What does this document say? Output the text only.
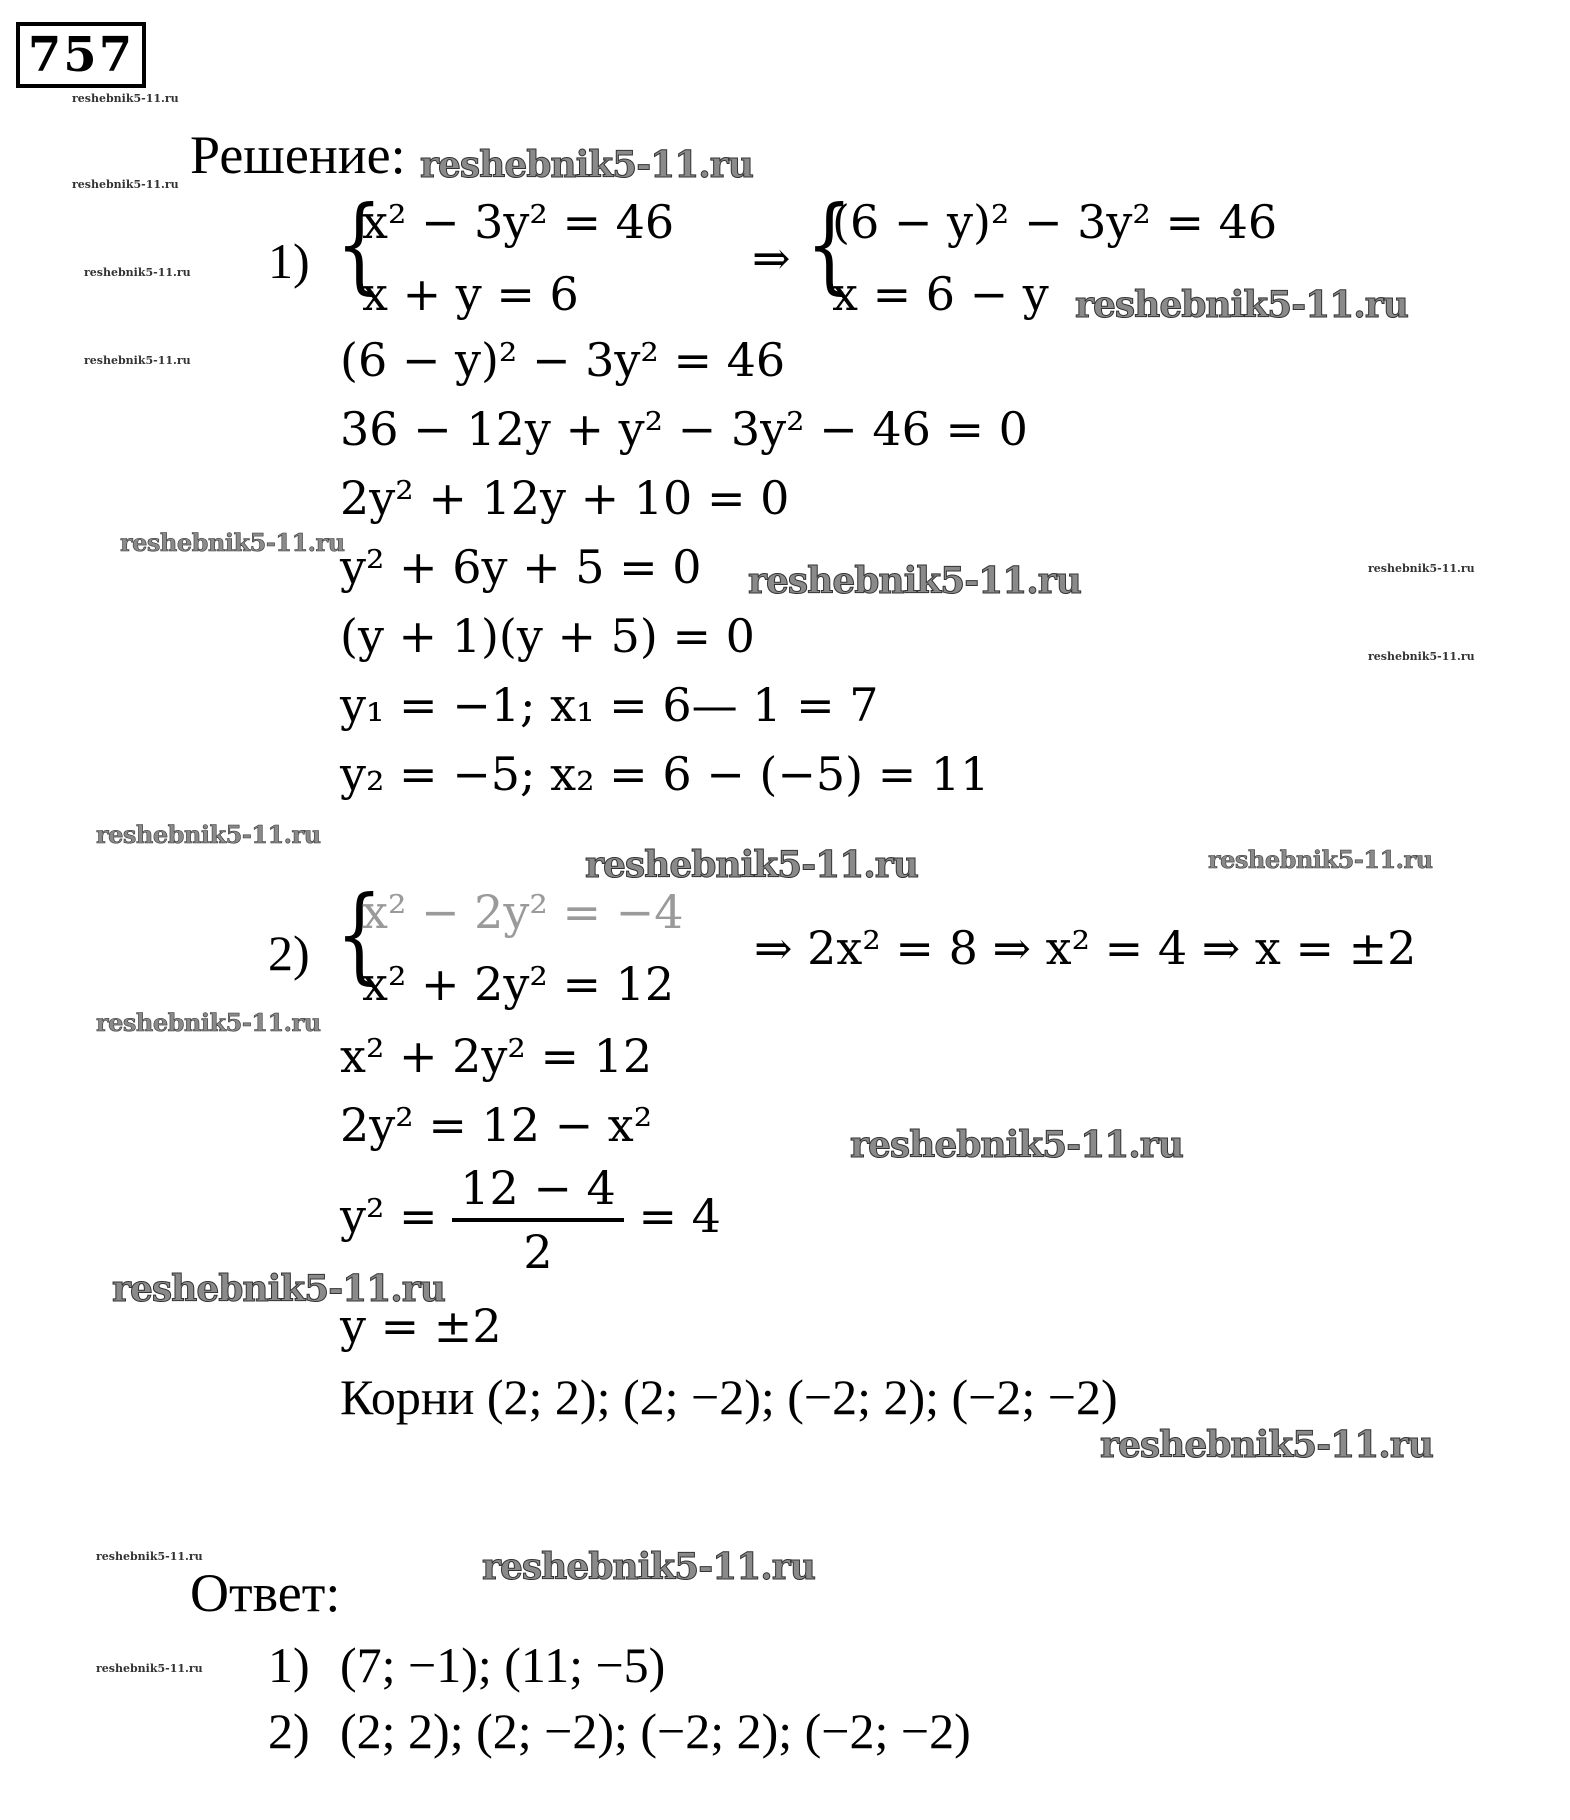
757
reshebnik5-11.ru
Решение: reshebnik5-11.ru
reshebnik5-11.ru
1) {
x² − 3y² = 46
x + y = 6
⇒ {
(6 − y)² − 3y² = 46
x = 6 − y reshebnik5-11.ru
reshebnik5-11.ru
reshebnik5-11.ru	(6 − y)² − 3y² = 46
36 − 12y + y² − 3y² − 46 = 0
2y² + 12y + 10 = 0
reshebnik5-11.ru
y² + 6y + 5 = 0 reshebnik5-11.ru	reshebnik5-11.ru
(y + 1)(y + 5) = 0	reshebnik5-11.ru
y₁ = −1; x₁ = 6— 1 = 7
y₂ = −5; x₂ = 6 − (−5) = 11
reshebnik5-11.ru
reshebnik5-11.ru	reshebnik5-11.ru
2) {
x² − 2y² = −4
x² + 2y² = 12
⇒ 2x² = 8 ⇒ x² = 4 ⇒ x = ±2
reshebnik5-11.ru
x² + 2y² = 12
2y² = 12 − x²	reshebnik5-11.ru
$y^2 = \frac{12 - 4}{2} = 4$
reshebnik5-11.ru
y = ±2
Корни (2; 2); (2; −2); (−2; 2); (−2; −2)
reshebnik5-11.ru
reshebnik5-11.ru	reshebnik5-11.ru
Ответ:
reshebnik5-11.ru 1) (7; −1); (11; −5)
2) (2; 2); (2; −2); (−2; 2); (−2; −2)
